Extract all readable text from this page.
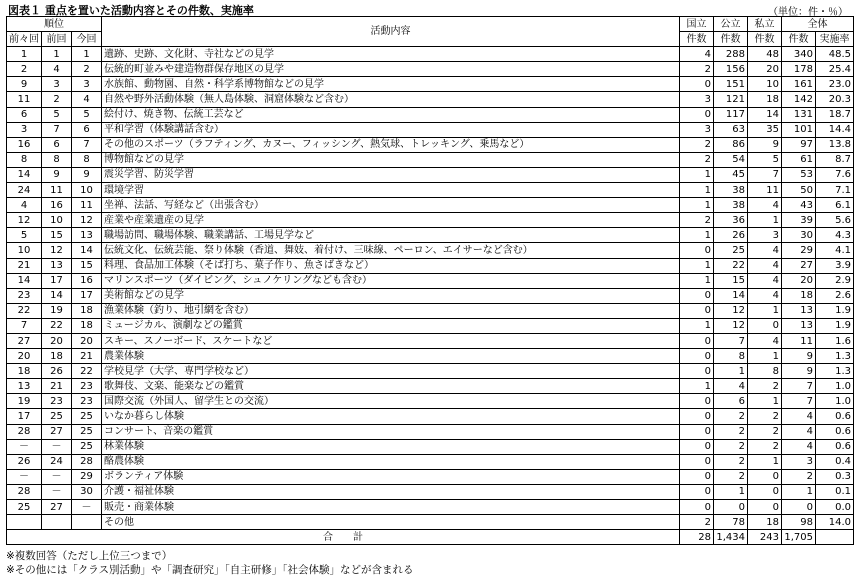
図表１ 重点を置いた活動内容とその件数、実施率	（単位：件・％）
順位			活動内容	国立	公立	私立	全体	
前々回	前回	今回		件数	件数	件数	件数	実施率
1	1	1	遺跡、史跡、文化財、寺社などの見学	4	288	48	340	48.5
2	4	2	伝統的町並みや建造物群保存地区の見学	2	156	20	178	25.4
9	3	3	水族館、動物園、自然・科学系博物館などの見学	0	151	10	161	23.0
11	2	4	自然や野外活動体験（無人島体験、洞窟体験など含む）	3	121	18	142	20.3
6	5	5	絵付け、焼き物、伝統工芸など	0	117	14	131	18.7
3	7	6	平和学習（体験講話含む）	3	63	35	101	14.4
16	6	7	その他のスポーツ（ラフティング、カヌー、フィッシング、熱気球、トレッキング、乗馬など）	2	86	9	97	13.8
8	8	8	博物館などの見学	2	54	5	61	8.7
14	9	9	震災学習、防災学習	1	45	7	53	7.6
24	11	10	環境学習	1	38	11	50	7.1
4	16	11	坐禅、法話、写経など（出張含む）	1	38	4	43	6.1
12	10	12	産業や産業遺産の見学	2	36	1	39	5.6
5	15	13	職場訪問、職場体験、職業講話、工場見学など	1	26	3	30	4.3
10	12	14	伝統文化、伝統芸能、祭り体験（香道、舞妓、着付け、三味線、ペーロン、エイサーなど含む）	0	25	4	29	4.1
21	13	15	料理、食品加工体験（そば打ち、菓子作り、魚さばきなど）	1	22	4	27	3.9
14	17	16	マリンスポーツ（ダイビング、シュノケリングなども含む）	1	15	4	20	2.9
23	14	17	美術館などの見学	0	14	4	18	2.6
22	19	18	漁業体験（釣り、地引網を含む）	0	12	1	13	1.9
7	22	18	ミュージカル、演劇などの鑑賞	1	12	0	13	1.9
27	20	20	スキー、スノーボード、スケートなど	0	7	4	11	1.6
20	18	21	農業体験	0	8	1	9	1.3
18	26	22	学校見学（大学、専門学校など）	0	1	8	9	1.3
13	21	23	歌舞伎、文楽、能楽などの鑑賞	1	4	2	7	1.0
19	23	23	国際交流（外国人、留学生との交流）	0	6	1	7	1.0
17	25	25	いなか暮らし体験	0	2	2	4	0.6
28	27	25	コンサート、音楽の鑑賞	0	2	2	4	0.6
－	－	25	林業体験	0	2	2	4	0.6
26	24	28	酪農体験	0	2	1	3	0.4
－	－	29	ボランティア体験	0	2	0	2	0.3
28	－	30	介護・福祉体験	0	1	0	1	0.1
25	27	－	販売・商業体験	0	0	0	0	0.0
			その他	2	78	18	98	14.0
合　　計				28	1,434	243	1,705	
※複数回答（ただし上位三つまで）
※その他には「クラス別活動」や「調査研究」「自主研修」「社会体験」などが含まれる
